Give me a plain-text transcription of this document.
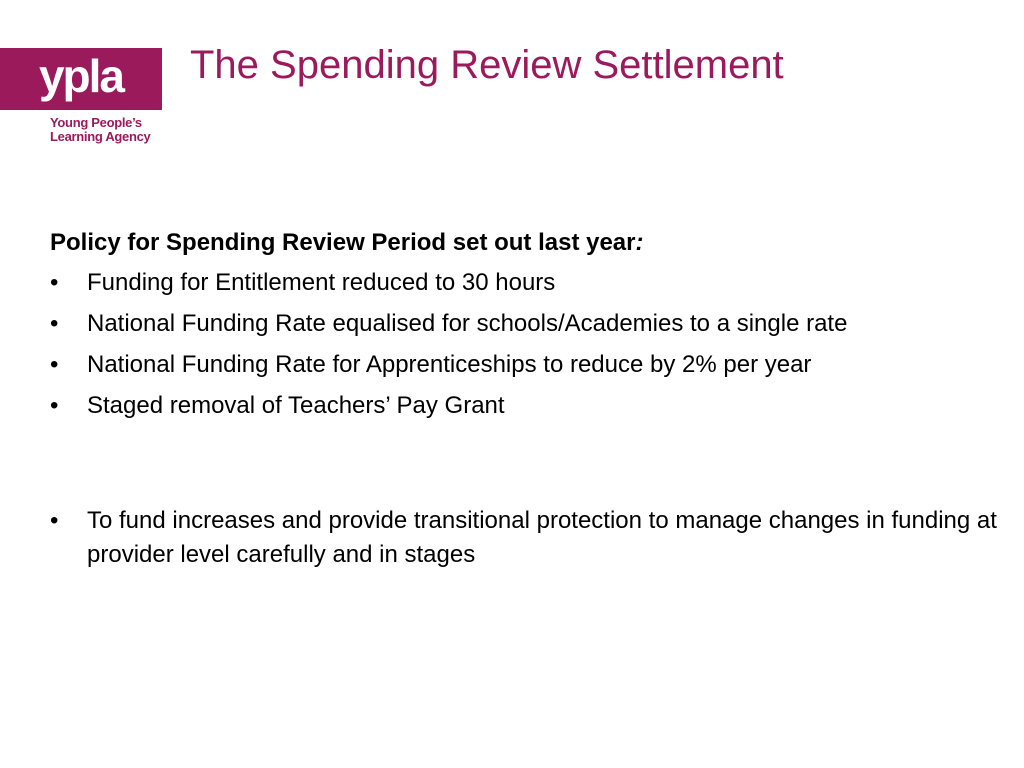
ypla
Young People’s
Learning Agency
The Spending Review Settlement
Policy for Spending Review Period set out last year:
• Funding for Entitlement reduced to 30 hours
• National Funding Rate equalised for schools/Academies to a single rate
• National Funding Rate for Apprenticeships to reduce by 2% per year
• Staged removal of Teachers’ Pay Grant
• To fund increases and provide transitional protection to manage changes in funding at provider level carefully and in stages
